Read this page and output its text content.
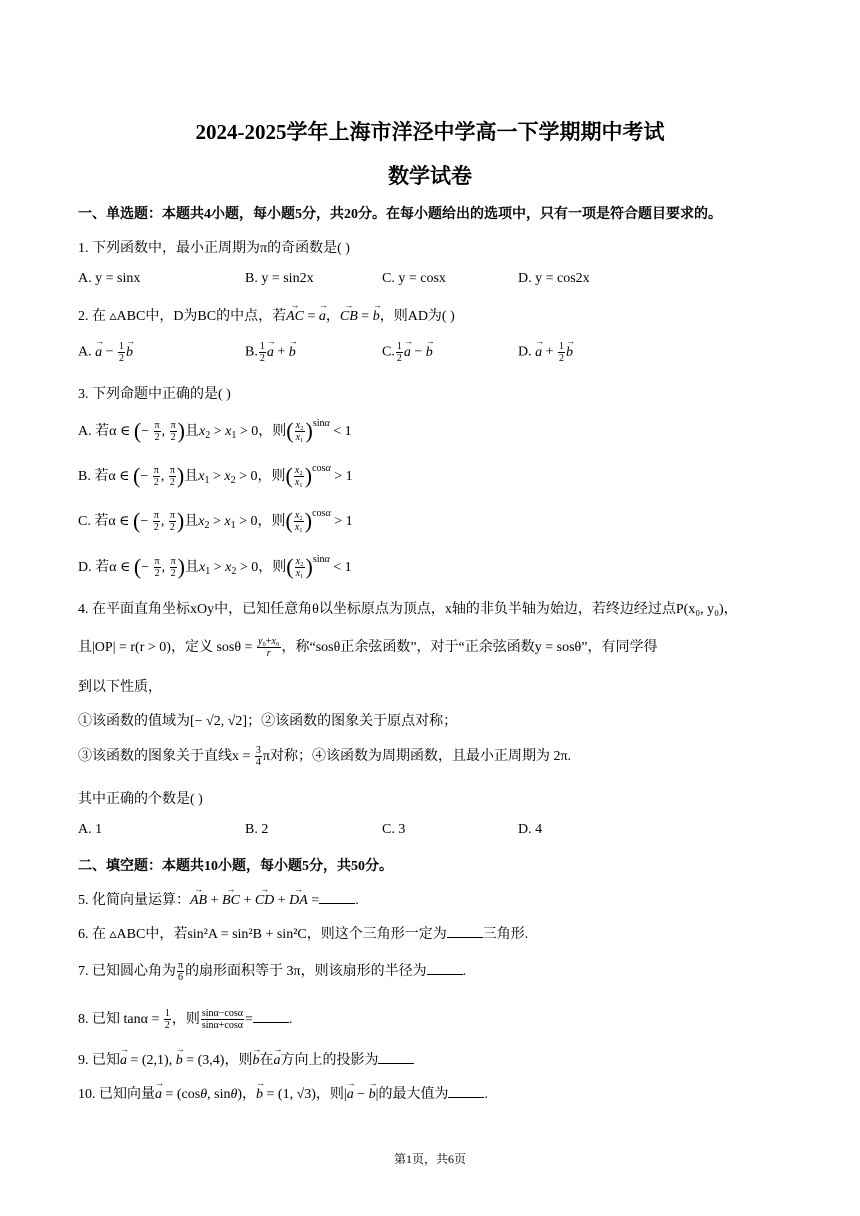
2024-2025学年上海市洋泾中学高一下学期期中考试
数学试卷
一、单选题：本题共4小题，每小题5分，共20分。在每小题给出的选项中，只有一项是符合题目要求的。
1. 下列函数中，最小正周期为π的奇函数是( )
A. y = sinx	B. y = sin2x	C. y = cosx	D. y = cos2x
2. 在 ▵ABC中，D为BC的中点，若→ AC = → a，→ CB = → b，则AD为( )
A. → $a - \frac{1}{2}$
→ b	B. $\frac{1}{2}$
→ a + → b	C. $\frac{1}{2}$
→ a − → b	D. → $a + \frac{1}{2}$
→ b
3. 下列命题中正确的是( )
A. 若α ∈ (− $\frac{\pi}{2}$ , $\frac{\pi}{2}$ )且$x_2 > x_1 > 0$，则( $\frac{\text{x₂}}{\text{x₁}} )^{sin\alpha} < 1$
B. 若α ∈ (− $\frac{\pi}{2}$ , $\frac{\pi}{2}$ )且$x_1 > x_2 > 0$，则( $\frac{\text{x₂}}{\text{x₁}} )^{cos\alpha} > 1$
C. 若α ∈ (− $\frac{\pi}{2}$ , $\frac{\pi}{2}$ )且$x_2 > x_1 > 0$，则( $\frac{\text{x₂}}{\text{x₁}} )^{cos\alpha} > 1$
D. 若α ∈ (− $\frac{\pi}{2}$ , $\frac{\pi}{2}$ )且$x_1 > x_2 > 0$，则( $\frac{\text{x₂}}{\text{x₁}} )^{sin\alpha} < 1$
4. 在平面直角坐标xOy中，已知任意角θ以坐标原点为顶点，x轴的非负半轴为始边，若终边经过点P(x₀, y₀)，
且|OP| = r(r > 0)，定义 $sos\theta = \frac{\text{y₀+x₀}}{r}$ ，称“sosθ正余弦函数”，对于“正余弦函数y = sosθ”，有同学得
到以下性质，
①该函数的值域为[− √2, √2]；②该函数的图象关于原点对称；
③该函数的图象关于直线$x = \frac{3}{4}$ π对称；④该函数为周期函数，且最小正周期为 2π.
其中正确的个数是( )
A. 1	B. 2	C. 3	D. 4
二、填空题：本题共10小题，每小题5分，共50分。
5. 化简向量运算：→ AB + → BC + → CD + → DA =	.
6. 在 ▵ABC中，若sin²A = sin²B + sin²C，则这个三角形一定为	三角形.
7. 已知圆心角为 $\frac{\pi}{6}$ 的扇形面积等于 3π，则该扇形的半径为	.
8. 已知 $\tan\alpha = \frac{1}{2}$ ，则 $\frac{\sin\alpha-\cos\alpha}{\sin\alpha+\cos\alpha}$ =	.
9. 已知→ a = (2,1), → b = (3,4)，则→ b在→ a方向上的投影为
10. 已知向量→ a = (cosθ, sinθ)，→ b = (1, √3)，则|→ a − → b|的最大值为	.
第1页，共6页
